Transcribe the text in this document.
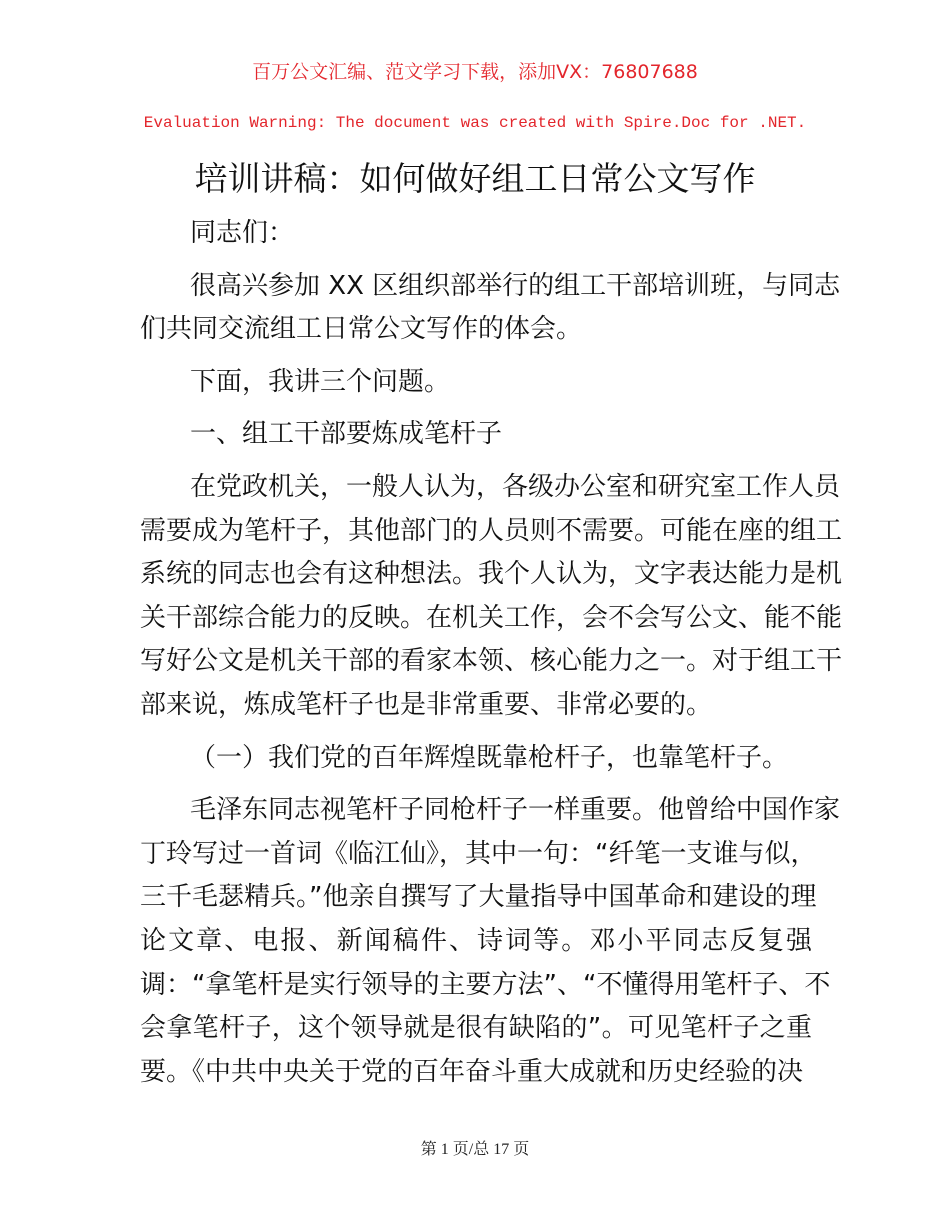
百万公文汇编、范文学习下载，添加VX：76807688
Evaluation Warning: The document was created with Spire.Doc for .NET.
培训讲稿：如何做好组工日常公文写作
同志们：
很高兴参加 XX 区组织部举行的组工干部培训班，与同志
们共同交流组工日常公文写作的体会。
下面，我讲三个问题。
一、组工干部要炼成笔杆子
在党政机关，一般人认为，各级办公室和研究室工作人员
需要成为笔杆子，其他部门的人员则不需要。可能在座的组工
系统的同志也会有这种想法。我个人认为，文字表达能力是机
关干部综合能力的反映。在机关工作，会不会写公文、能不能
写好公文是机关干部的看家本领、核心能力之一。对于组工干
部来说，炼成笔杆子也是非常重要、非常必要的。
（一）我们党的百年辉煌既靠枪杆子，也靠笔杆子。
毛泽东同志视笔杆子同枪杆子一样重要。他曾给中国作家
丁玲写过一首词《临江仙》，其中一句：“纤笔一支谁与似，
三千毛瑟精兵。”他亲自撰写了大量指导中国革命和建设的理
论文章、电报、新闻稿件、诗词等。邓小平同志反复强
调：“拿笔杆是实行领导的主要方法”、“不懂得用笔杆子、不
会拿笔杆子，这个领导就是很有缺陷的”。可见笔杆子之重
要。《中共中央关于党的百年奋斗重大成就和历史经验的决
第 1 页/总 17 页
